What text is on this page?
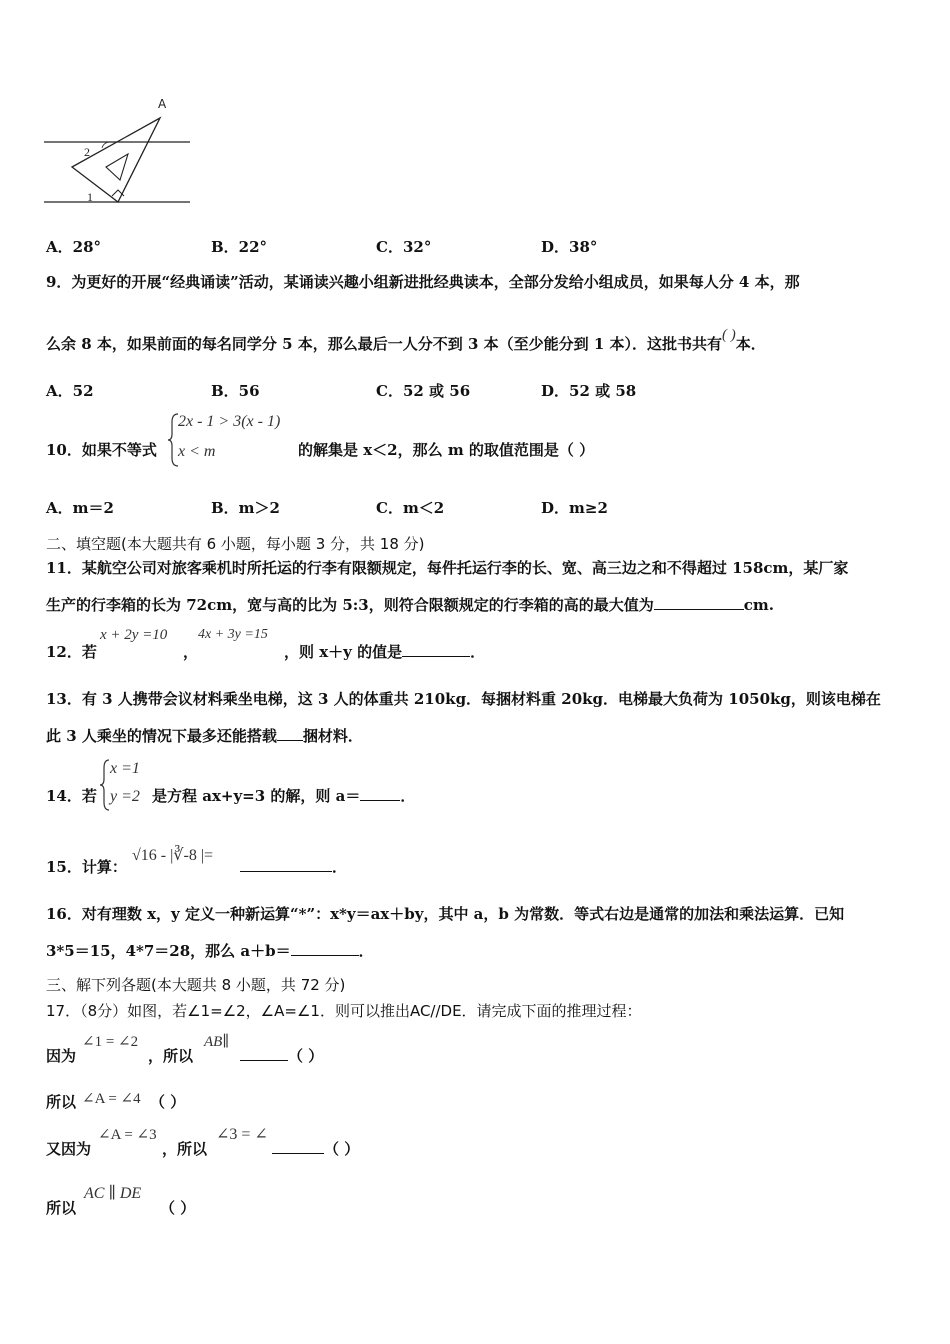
A
2
1
A．28°	B．22°	C．32°	D．38°
9．为更好的开展“经典诵读”活动，某诵读兴趣小组新进批经典读本，全部分发给小组成员，如果每人分 4 本，那
么余 8 本，如果前面的每名同学分 5 本，那么最后一人分不到 3 本（至少能分到 1 本）．这批书共有( )本．
A．52	B．56	C．52 或 56	D．52 或 58
10．如果不等式
2x - 1 > 3(x - 1)
x < m	的解集是 x＜2，那么 m 的取值范围是（ ）
A．m＝2	B．m＞2	C．m＜2	D．m≥2
二、填空题(本大题共有 6 小题，每小题 3 分，共 18 分)
11．某航空公司对旅客乘机时所托运的行李有限额规定，每件托运行李的长、宽、高三边之和不得超过 158cm，某厂家
生产的行李箱的长为 72cm，宽与高的比为 5:3，则符合限额规定的行李箱的高的最大值为	cm.
12．若
x + 2y =10
，
4x + 3y =15
，则 x＋y 的值是	．
13．有 3 人携带会议材料乘坐电梯，这 3 人的体重共 210kg．每捆材料重 20kg．电梯最大负荷为 1050kg，则该电梯在
此 3 人乘坐的情况下最多还能搭载 捆材料．
14．若
x =1
y =2 是方程 ax+y=3 的解，则 a＝	．
15．计算：
√16 - |∛-8 |=
．
16．对有理数 x，y 定义一种新运算“*”：x*y＝ax＋by，其中 a，b 为常数．等式右边是通常的加法和乘法运算．已知
3*5＝15，4*7＝28，那么 a＋b＝	．
三、解下列各题(本大题共 8 小题，共 72 分)
17．（8分）如图，若∠1=∠2，∠A=∠1．则可以推出AC//DE．请完成下面的推理过程：
因为
∠1 = ∠2
，所以
AB∥
（ ）
所以 ∠A = ∠4 （ ）
又因为
∠A = ∠3
，所以
∠3 = ∠
（ ）
所以
AC ∥ DE
（ ）
